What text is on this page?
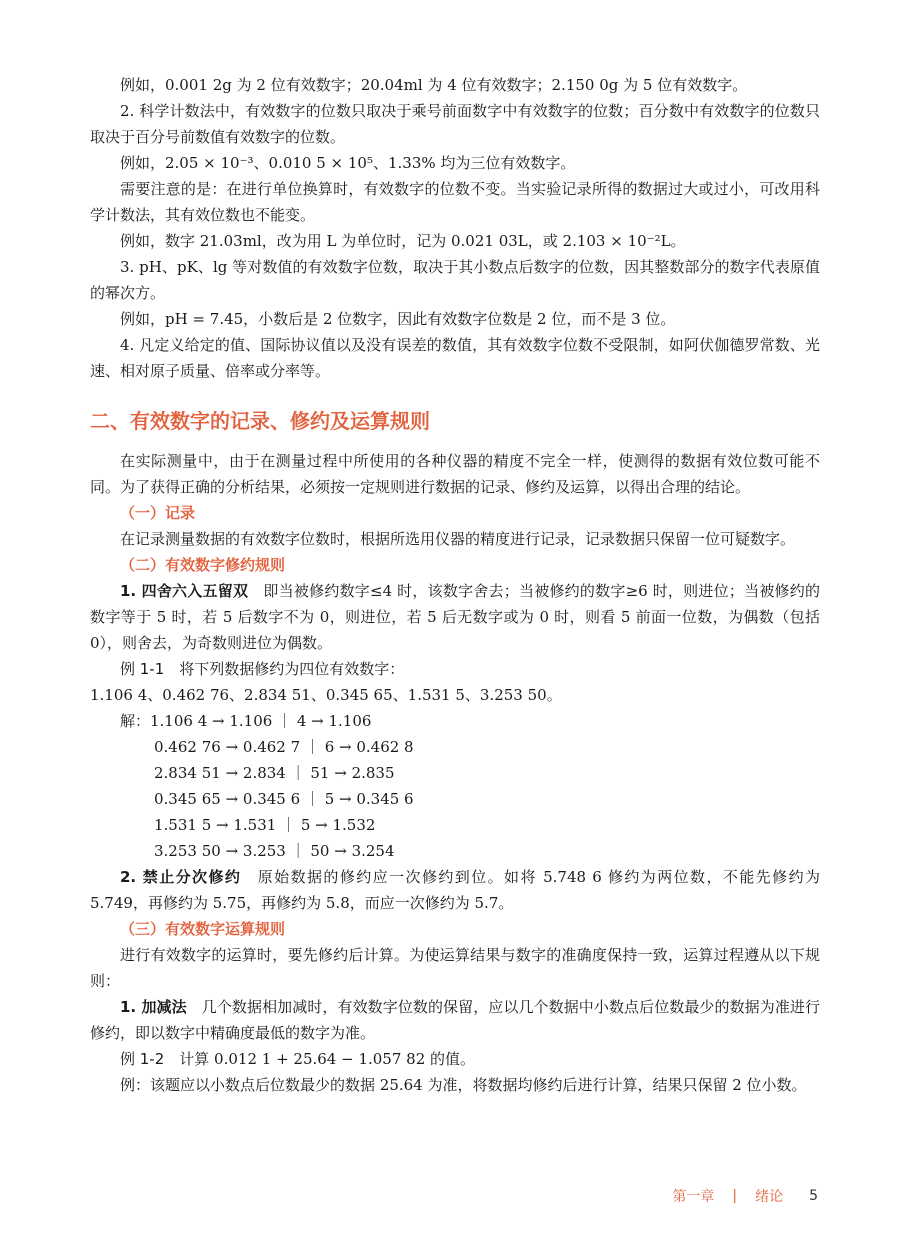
例如，0.001 2g 为 2 位有效数字；20.04ml 为 4 位有效数字；2.150 0g 为 5 位有效数字。

2. 科学计数法中，有效数字的位数只取决于乘号前面数字中有效数字的位数；百分数中有效数字的位数只取决于百分号前数值有效数字的位数。

例如，2.05 × 10⁻³、0.010 5 × 10⁵、1.33% 均为三位有效数字。

需要注意的是：在进行单位换算时，有效数字的位数不变。当实验记录所得的数据过大或过小，可改用科学计数法，其有效位数也不能变。

例如，数字 21.03ml，改为用 L 为单位时，记为 0.021 03L，或 2.103 × 10⁻²L。

3. pH、pK、lg 等对数值的有效数字位数，取决于其小数点后数字的位数，因其整数部分的数字代表原值的幂次方。

例如，pH = 7.45，小数后是 2 位数字，因此有效数字位数是 2 位，而不是 3 位。

4. 凡定义给定的值、国际协议值以及没有误差的数值，其有效数字位数不受限制，如阿伏伽德罗常数、光速、相对原子质量、倍率或分率等。

二、有效数字的记录、修约及运算规则

在实际测量中，由于在测量过程中所使用的各种仪器的精度不完全一样，使测得的数据有效位数可能不同。为了获得正确的分析结果，必须按一定规则进行数据的记录、修约及运算，以得出合理的结论。

（一）记录

在记录测量数据的有效数字位数时，根据所选用仪器的精度进行记录，记录数据只保留一位可疑数字。

（二）有效数字修约规则

1. 四舍六入五留双　即当被修约数字≤4 时，该数字舍去；当被修约的数字≥6 时，则进位；当被修约的数字等于 5 时，若 5 后数字不为 0，则进位，若 5 后无数字或为 0 时，则看 5 前面一位数，为偶数（包括 0），则舍去，为奇数则进位为偶数。

例 1-1　将下列数据修约为四位有效数字：

1.106 4、0.462 76、2.834 51、0.345 65、1.531 5、3.253 50。

解：1.106 4 → 1.106 ｜ 4 → 1.106

0.462 76 → 0.462 7 ｜ 6 → 0.462 8

2.834 51 → 2.834 ｜ 51 → 2.835

0.345 65 → 0.345 6 ｜ 5 → 0.345 6

1.531 5 → 1.531 ｜ 5 → 1.532

3.253 50 → 3.253 ｜ 50 → 3.254

2. 禁止分次修约　原始数据的修约应一次修约到位。如将 5.748 6 修约为两位数，不能先修约为 5.749，再修约为 5.75，再修约为 5.8，而应一次修约为 5.7。

（三）有效数字运算规则

进行有效数字的运算时，要先修约后计算。为使运算结果与数字的准确度保持一致，运算过程遵从以下规则：

1. 加减法　几个数据相加减时，有效数字位数的保留，应以几个数据中小数点后位数最少的数据为准进行修约，即以数字中精确度最低的数字为准。

例 1-2　计算 0.012 1 + 25.64 − 1.057 82 的值。

例：该题应以小数点后位数最少的数据 25.64 为准，将数据均修约后进行计算，结果只保留 2 位小数。

第一章 | 绪论 5
